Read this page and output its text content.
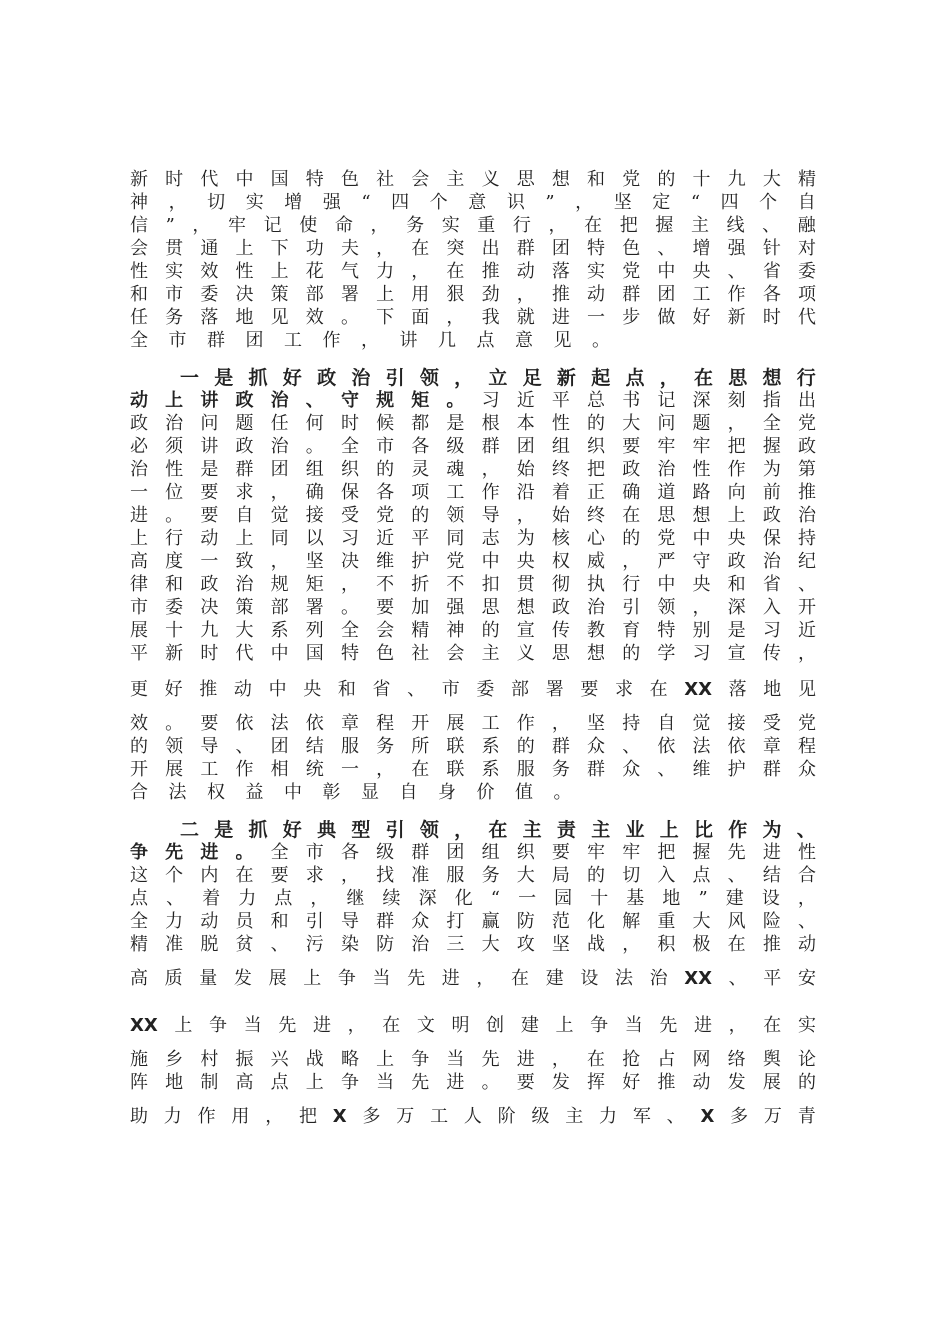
新 时 代 中 国 特 色 社 会 主 义 思 想 和 党 的 十 九 大 精
神 ， 切 实 增 强 “ 四 个 意 识 ” ， 坚 定 “ 四 个 自
信 ” ， 牢 记 使 命 ， 务 实 重 行 ， 在 把 握 主 线 、 融
会 贯 通 上 下 功 夫 ， 在 突 出 群 团 特 色 、 增 强 针 对
性 实 效 性 上 花 气 力 ， 在 推 动 落 实 党 中 央 、 省 委
和 市 委 决 策 部 署 上 用 狠 劲 ， 推 动 群 团 工 作 各 项
任 务 落 地 见 效 。 下 面 ， 我 就 进 一 步 做 好 新 时 代
全 市 群 团 工 作 ， 讲 几 点 意 见 。
一 是 抓 好 政 治 引 领 ， 立 足 新 起 点 ， 在 思 想 行
动 上 讲 政 治 、 守 规 矩 。 习 近 平 总 书 记 深 刻 指 出
政 治 问 题 任 何 时 候 都 是 根 本 性 的 大 问 题 ， 全 党
必 须 讲 政 治 。 全 市 各 级 群 团 组 织 要 牢 牢 把 握 政
治 性 是 群 团 组 织 的 灵 魂 ， 始 终 把 政 治 性 作 为 第
一 位 要 求 ， 确 保 各 项 工 作 沿 着 正 确 道 路 向 前 推
进 。 要 自 觉 接 受 党 的 领 导 ， 始 终 在 思 想 上 政 治
上 行 动 上 同 以 习 近 平 同 志 为 核 心 的 党 中 央 保 持
高 度 一 致 ， 坚 决 维 护 党 中 央 权 威 ， 严 守 政 治 纪
律 和 政 治 规 矩 ， 不 折 不 扣 贯 彻 执 行 中 央 和 省 、
市 委 决 策 部 署 。 要 加 强 思 想 政 治 引 领 ， 深 入 开
展 十 九 大 系 列 全 会 精 神 的 宣 传 教 育 特 别 是 习 近
平 新 时 代 中 国 特 色 社 会 主 义 思 想 的 学 习 宣 传 ，
更 好 推 动 中 央 和 省 、 市 委 部 署 要 求 在 XX 落 地 见
效 。 要 依 法 依 章 程 开 展 工 作 ， 坚 持 自 觉 接 受 党
的 领 导 、 团 结 服 务 所 联 系 的 群 众 、 依 法 依 章 程
开 展 工 作 相 统 一 ， 在 联 系 服 务 群 众 、 维 护 群 众
合 法 权 益 中 彰 显 自 身 价 值 。
二 是 抓 好 典 型 引 领 ， 在 主 责 主 业 上 比 作 为 、
争 先 进 。 全 市 各 级 群 团 组 织 要 牢 牢 把 握 先 进 性
这 个 内 在 要 求 ， 找 准 服 务 大 局 的 切 入 点 、 结 合
点 、 着 力 点 ， 继 续 深 化 “ 一 园 十 基 地 ” 建 设 ，
全 力 动 员 和 引 导 群 众 打 赢 防 范 化 解 重 大 风 险 、
精 准 脱 贫 、 污 染 防 治 三 大 攻 坚 战 ， 积 极 在 推 动
高 质 量 发 展 上 争 当 先 进 ， 在 建 设 法 治 XX 、 平 安
XX 上 争 当 先 进 ， 在 文 明 创 建 上 争 当 先 进 ， 在 实
施 乡 村 振 兴 战 略 上 争 当 先 进 ， 在 抢 占 网 络 舆 论
阵 地 制 高 点 上 争 当 先 进 。 要 发 挥 好 推 动 发 展 的
助 力 作 用 ， 把 X 多 万 工 人 阶 级 主 力 军 、 X 多 万 青
